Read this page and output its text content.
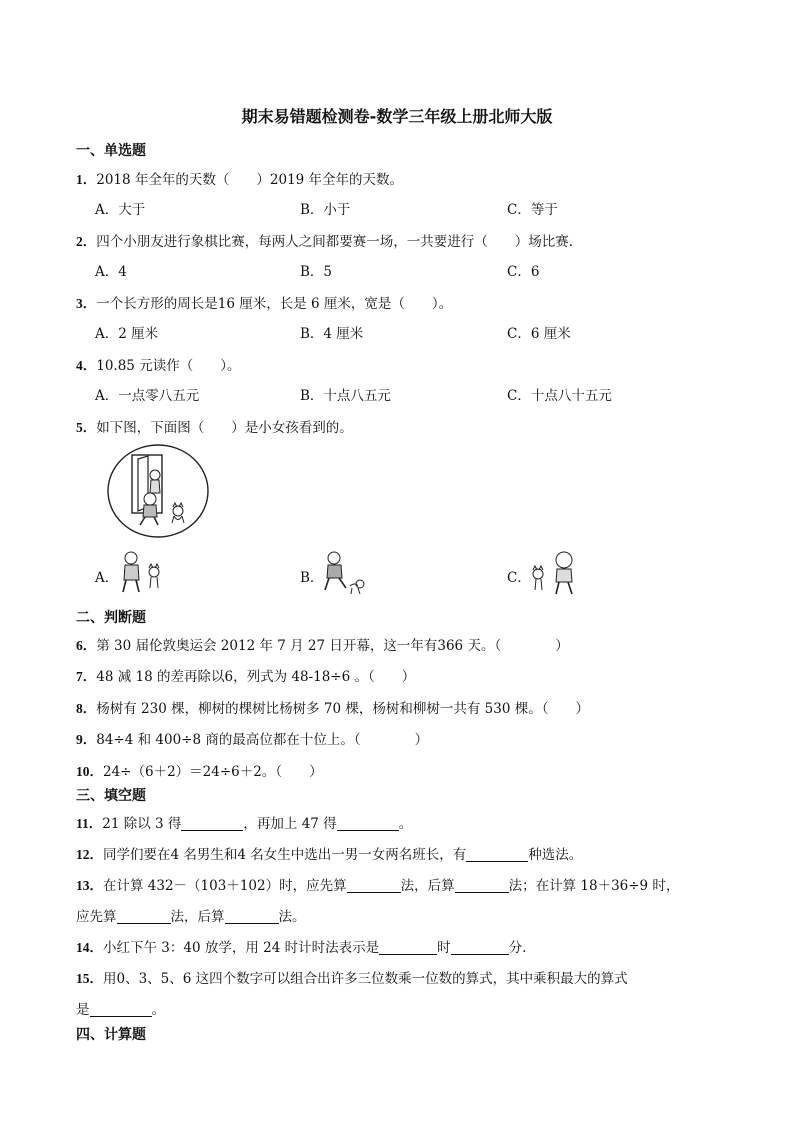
期末易错题检测卷-数学三年级上册北师大版
一、单选题
1．2018 年全年的天数（　　）2019 年全年的天数。
A．大于	B．小于	C．等于
2．四个小朋友进行象棋比赛，每两人之间都要赛一场，一共要进行（　　）场比赛．
A．4	B．5	C．6
3．一个长方形的周长是16 厘米，长是 6 厘米，宽是（　　）。
A．2 厘米	B．4 厘米	C．6 厘米
4．10.85 元读作（　　）。
A．一点零八五元	B．十点八五元	C．十点八十五元
5．如下图，下面图（　　）是小女孩看到的。
A．	B．	C．
二、判断题
6．第 30 届伦敦奥运会 2012 年 7 月 27 日开幕，这一年有366 天。（　　　　）
7．48 减 18 的差再除以6，列式为 48-18÷6 。（　　）
8．杨树有 230 棵，柳树的棵树比杨树多 70 棵，杨树和柳树一共有 530 棵。（　　）
9．84÷4 和 400÷8 商的最高位都在十位上。（　　　　）
10．24÷（6＋2）＝24÷6＋2。（　　）
三、填空题
11．21 除以 3 得	，再加上 47 得	。
12．同学们要在4 名男生和4 名女生中选出一男一女两名班长，有	种选法。
13．在计算 432－（103＋102）时，应先算	法，后算	法；在计算 18＋36÷9 时，
应先算	法，后算	法。
14．小红下午 3：40 放学，用 24 时计时法表示是	时	分.
15．用0、3、5、6 这四个数字可以组合出许多三位数乘一位数的算式，其中乘积最大的算式
是	。
四、计算题
